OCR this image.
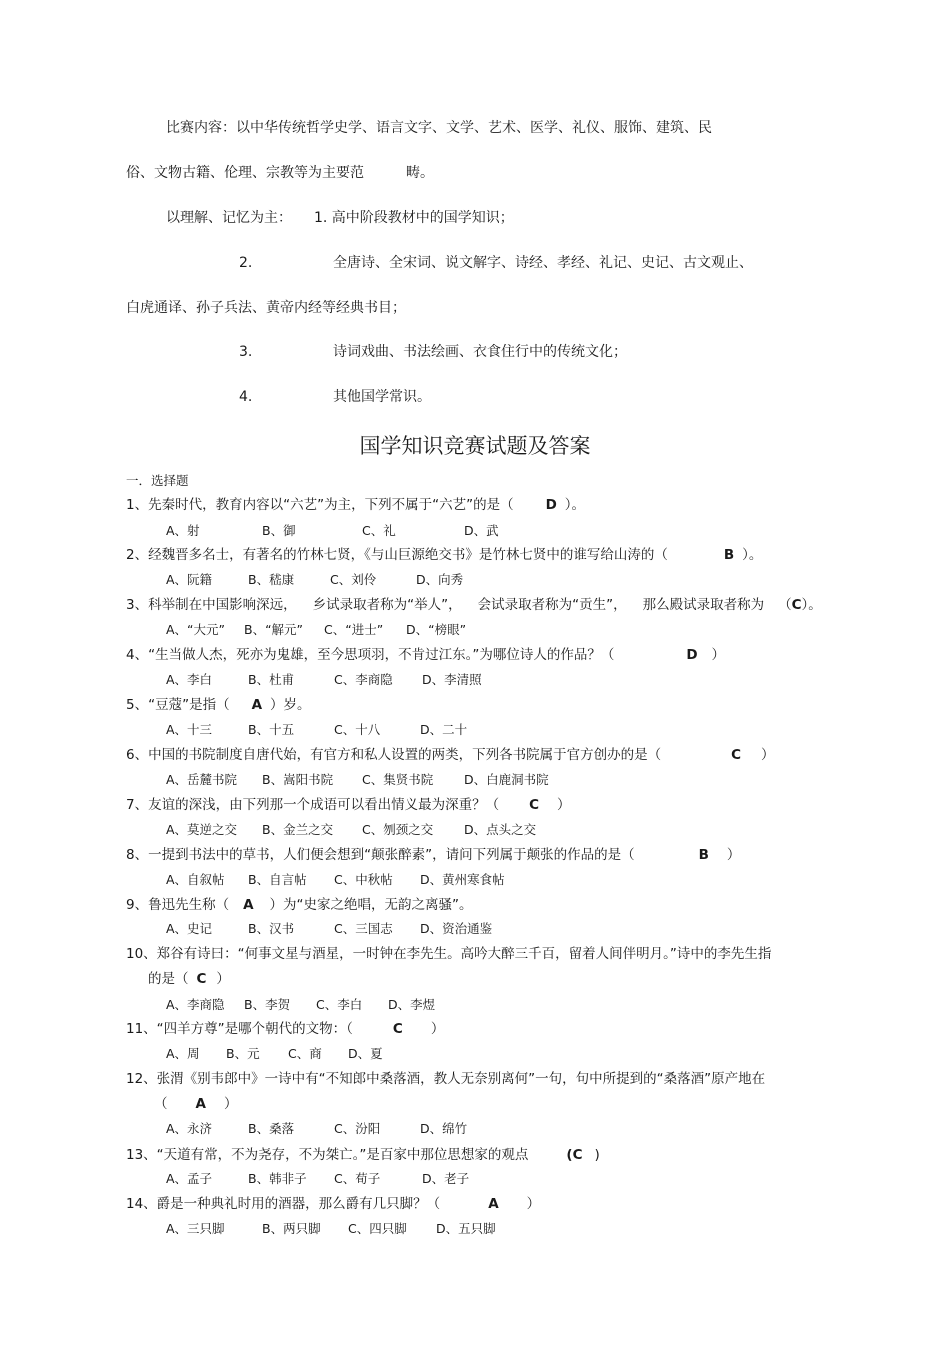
比赛内容：以中华传统哲学史学、语言文字、文学、艺术、医学、礼仪、服饰、建筑、民
俗、文物古籍、伦理、宗教等为主要范	畴。
以理解、记忆为主： 1. 高中阶段教材中的国学知识；
2.	全唐诗、全宋词、说文解字、诗经、孝经、礼记、史记、古文观止、
白虎通译、孙子兵法、黄帝内经等经典书目；
3.	诗词戏曲、书法绘画、衣食住行中的传统文化；
4.	其他国学常识。
国学知识竞赛试题及答案
一．选择题
1、先秦时代，教育内容以“六艺”为主，下列不属于“六艺”的是（ D ）。
A、射	B、御	C、礼	D、武
2、经魏晋多名士，有著名的竹林七贤，《与山巨源绝交书》是竹林七贤中的谁写给山涛的（	B ）。
A、阮籍	B、嵇康	C、刘伶	D、向秀
3、科举制在中国影响深远， 乡试录取者称为“举人”， 会试录取者称为“贡生”， 那么殿试录取者称为 （C）。
A、“大元” B、“解元” C、“进士” D、“榜眼”
4、“生当做人杰，死亦为鬼雄，至今思项羽，不肯过江东。”为哪位诗人的作品？（	D ）
A、李白	B、杜甫	C、李商隐 D、李清照
5、“豆蔻”是指（ A ）岁。
A、十三	B、十五	C、十八	D、二十
6、中国的书院制度自唐代始，有官方和私人设置的两类，下列各书院属于官方创办的是（	C ）
A、岳麓书院 B、嵩阳书院 C、集贤书院 D、白鹿洞书院
7、友谊的深浅，由下列那一个成语可以看出情义最为深重？（ C ）
A、莫逆之交 B、金兰之交 C、刎颈之交 D、点头之交
8、一提到书法中的草书，人们便会想到“颠张醉素”，请问下列属于颠张的作品的是（	B ）
A、自叙帖 B、自言帖 C、中秋帖 D、黄州寒食帖
9、鲁迅先生称（ A ）为“史家之绝唱，无韵之离骚”。
A、史记	B、汉书	C、三国志 D、资治通鉴
10、郑谷有诗曰：“何事文星与酒星，一时钟在李先生。高吟大醉三千百，留着人间伴明月。”诗中的李先生指
的是（ C ）
A、李商隐 B、李贺 C、李白 D、李煜
11、“四羊方尊”是哪个朝代的文物：（	C ）
A、周 B、元 C、商 D、夏
12、张渭《别韦郎中》一诗中有“不知郎中桑落酒，教人无奈别离何”一句，句中所提到的“桑落酒”原产地在
（ A ）
A、永济	B、桑落	C、汾阳	D、绵竹
13、“天道有常，不为尧存，不为桀亡。”是百家中那位思想家的观点	(C )
A、孟子	B、韩非子 C、荀子	D、老子
14、爵是一种典礼时用的酒器，那么爵有几只脚？（	A ）
A、三只脚	B、两只脚 C、四只脚 D、五只脚
